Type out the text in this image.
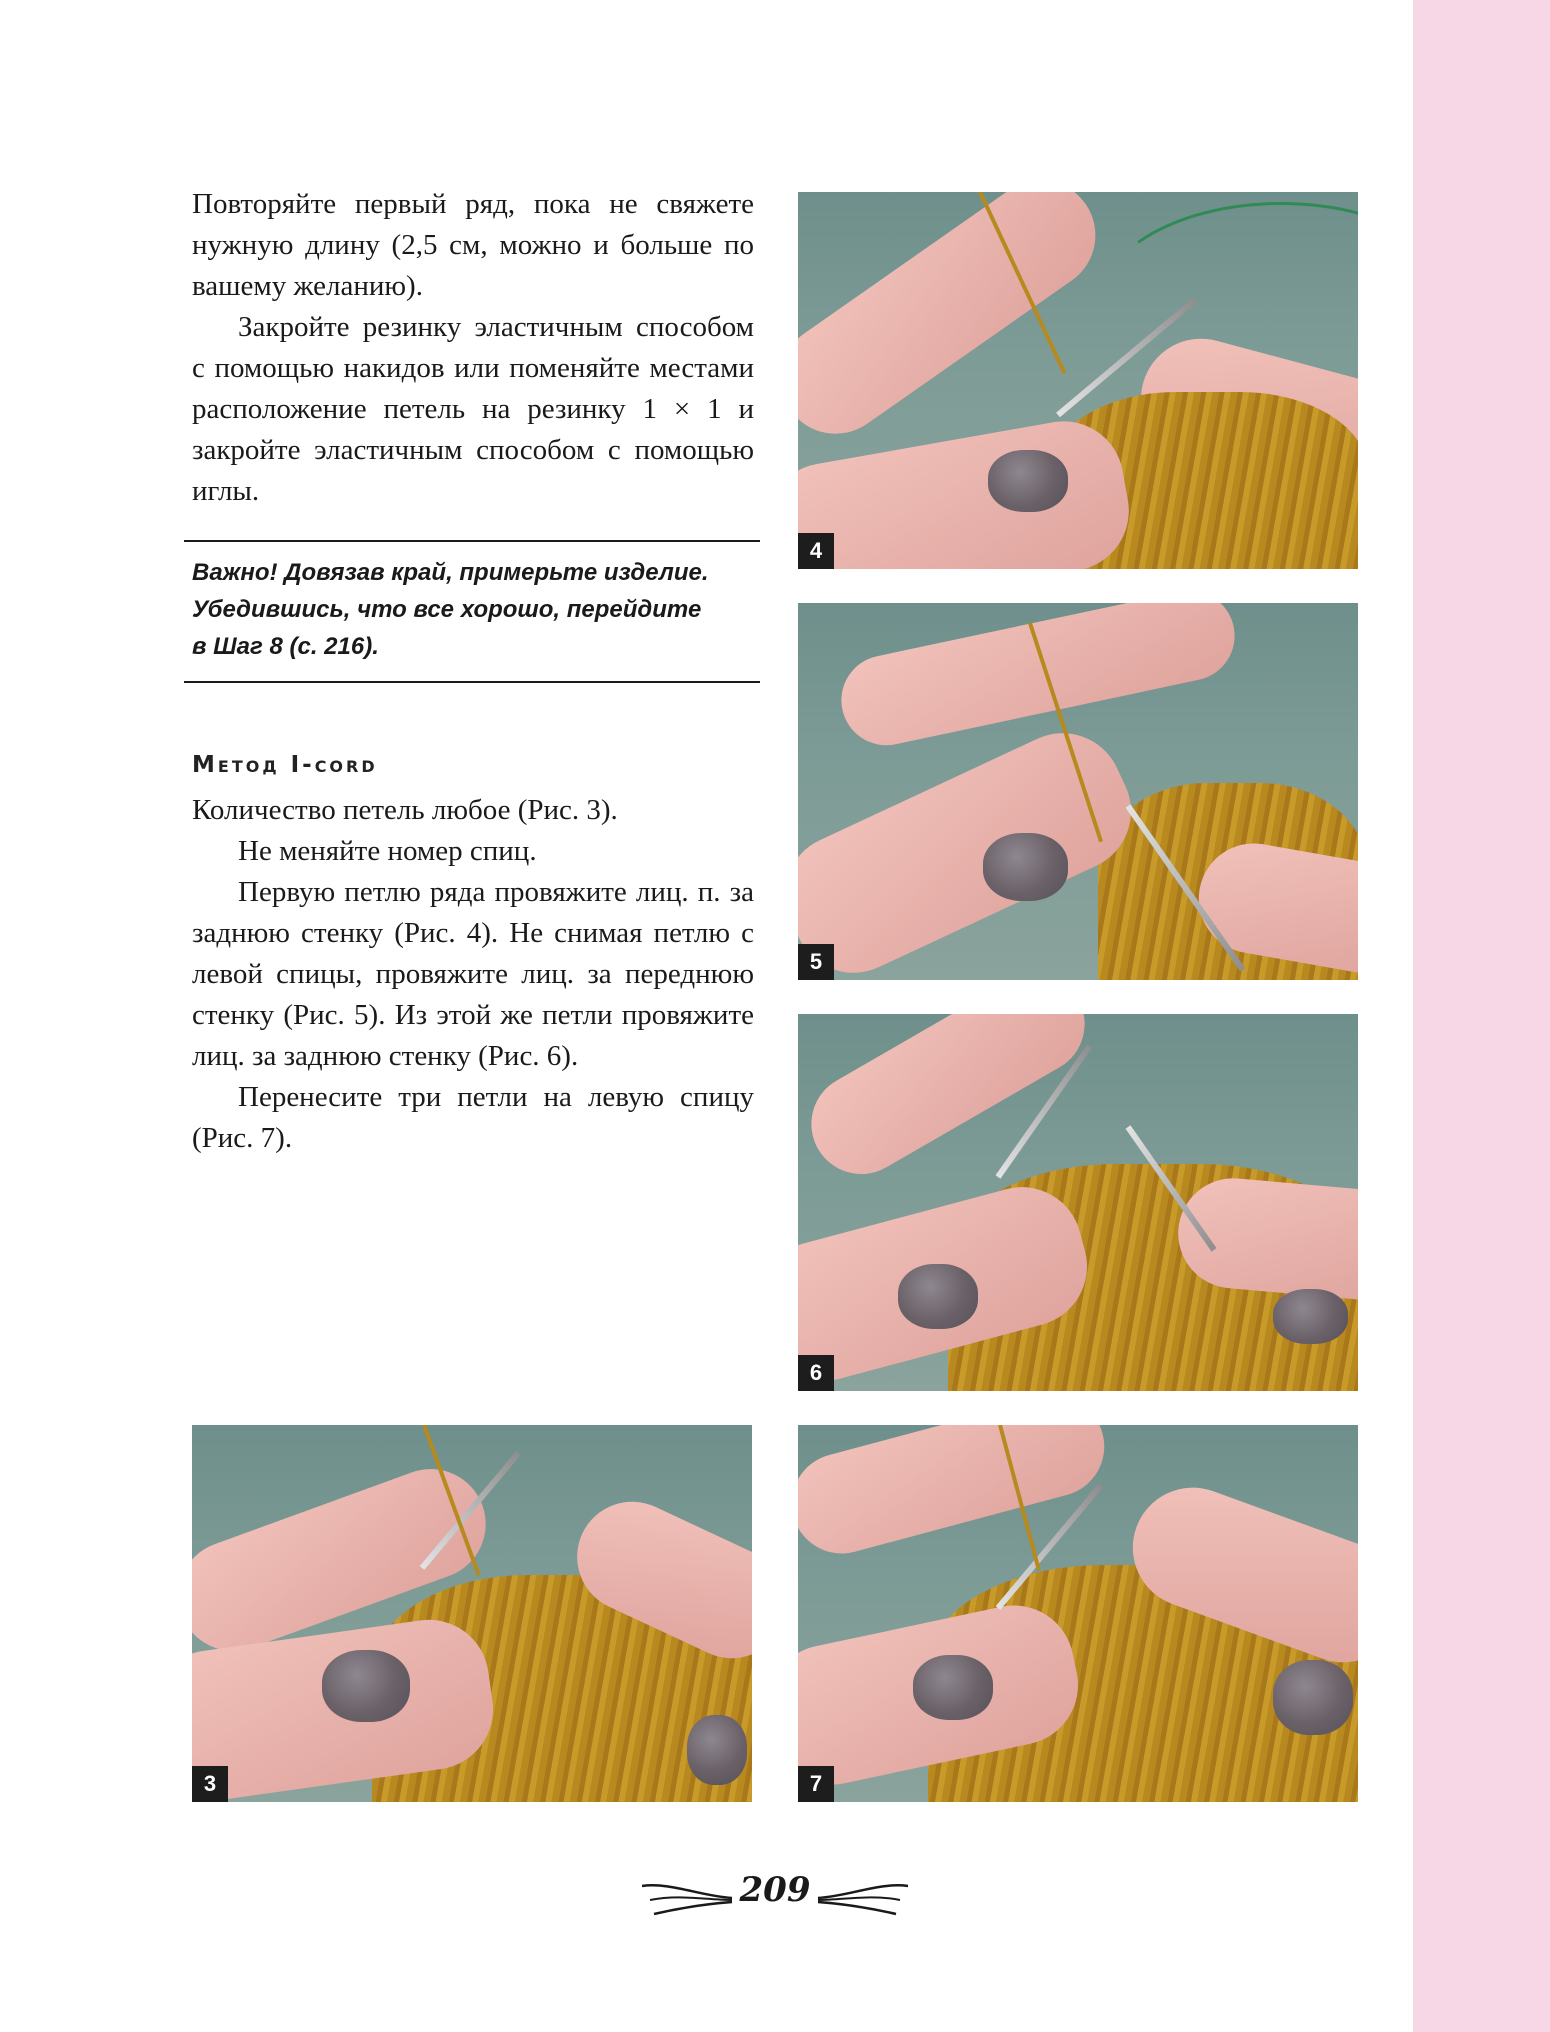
Повторяйте первый ряд, пока не свяжете нужную длину (2,5 см, можно и больше по вашему желанию).

Закройте резинку эластичным способом с помощью накидов или поменяйте местами расположение петель на резинку 1 × 1 и закройте эластичным способом с помощью иглы.

Важно! Довязав край, примерьте изделие.
Убедившись, что все хорошо, перейдите
в Шаг 8 (с. 216).
Метод I-cord

Количество петель любое (Рис. 3).

Не меняйте номер спиц.

Первую петлю ряда провяжите лиц. п. за заднюю стенку (Рис. 4). Не снимая петлю с левой спицы, провяжите лиц. за переднюю стенку (Рис. 5). Из этой же петли провяжите лиц. за заднюю стенку (Рис. 6).

Перенесите три петли на левую спицу (Рис. 7).

4
5
6
3	7
209
